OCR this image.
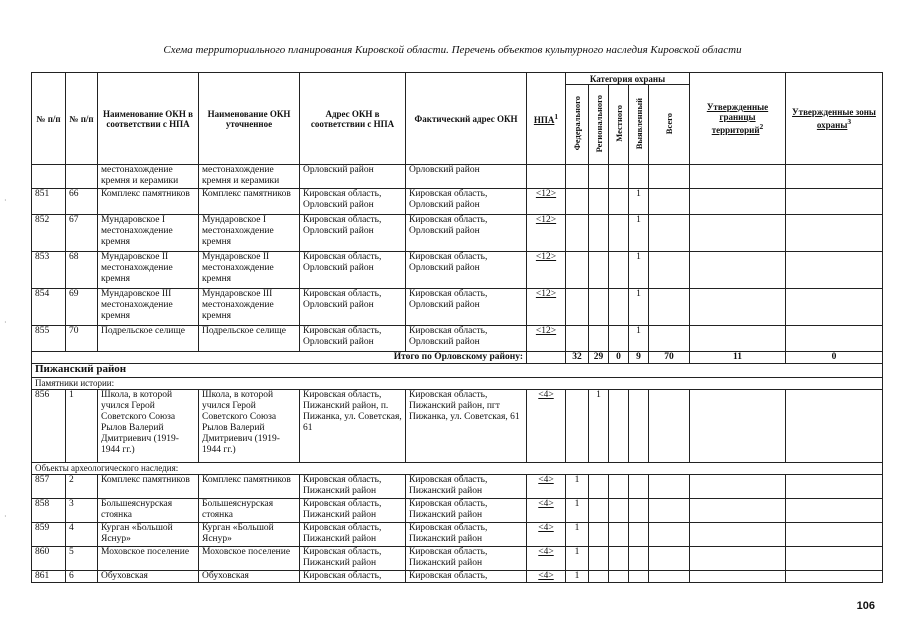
Схема территориального планирования Кировской области. Перечень объектов культурного наследия Кировской области
№ п/п	№ п/п	Наименование ОКН в соответствии с НПА	Наименование ОКН уточненное	Адрес ОКН в соответствии с НПА	Фактический адрес ОКН	НПА$^1$	Категория охраны					Утвержденные границы территорий$^2$	Утвержденные зоны охраны$^3$
							Федерального	Регионального	Местного	Выявленный	Всего		
		местонахождение кремня и керамики	местонахождение кремня и керамики	Орловский район	Орловский район								
851	66	Комплекс памятников	Комплекс памятников	Кировская область, Орловский район	Кировская область, Орловский район	<12>				1			
852	67	Мундаровское I местонахождение кремня	Мундаровское I местонахождение кремня	Кировская область, Орловский район	Кировская область, Орловский район	<12>				1			
853	68	Мундаровское II местонахождение кремня	Мундаровское II местонахождение кремня	Кировская область, Орловский район	Кировская область, Орловский район	<12>				1			
854	69	Мундаровское III местонахождение кремня	Мундаровское III местонахождение кремня	Кировская область, Орловский район	Кировская область, Орловский район	<12>				1			
855	70	Подрельское селище	Подрельское селище	Кировская область, Орловский район	Кировская область, Орловский район	<12>				1			
Итого по Орловскому району:							32	29	0	9	70	11	0
Пижанский район													
Памятники истории:													
856	1	Школа, в которой учился Герой Советского Союза Рылов Валерий Дмитриевич (1919-1944 гг.)	Школа, в которой учился Герой Советского Союза Рылов Валерий Дмитриевич (1919-1944 гг.)	Кировская область, Пижанский район, п. Пижанка, ул. Советская, 61	Кировская область, Пижанский район, пгт Пижанка, ул. Советская, 61	<4>		1					
Объекты археологического наследия:													
857	2	Комплекс памятников	Комплекс памятников	Кировская область, Пижанский район	Кировская область, Пижанский район	<4>	1						
858	3	Большеяснурская стоянка	Большеяснурская стоянка	Кировская область, Пижанский район	Кировская область, Пижанский район	<4>	1						
859	4	Курган «Большой Яснур»	Курган «Большой Яснур»	Кировская область, Пижанский район	Кировская область, Пижанский район	<4>	1						
860	5	Моховское поселение	Моховское поселение	Кировская область, Пижанский район	Кировская область, Пижанский район	<4>	1						
861	6	Обуховская	Обуховская	Кировская область,	Кировская область,	<4>	1						
106
·
·
·
